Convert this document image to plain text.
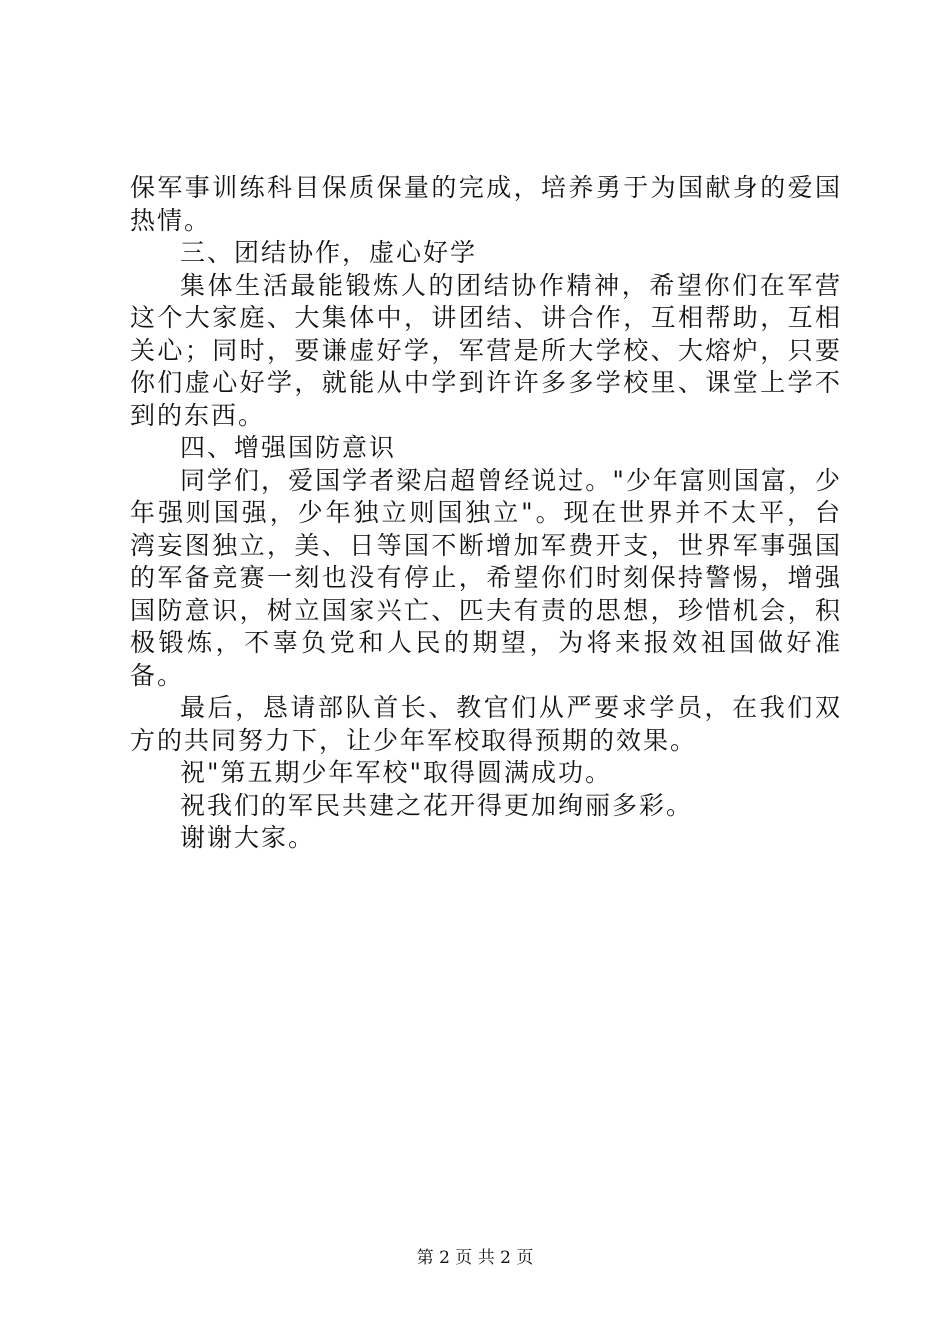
保军事训练科目保质保量的完成，培养勇于为国献身的爱国热情。

三、团结协作，虚心好学

集体生活最能锻炼人的团结协作精神，希望你们在军营这个大家庭、大集体中，讲团结、讲合作，互相帮助，互相关心；同时，要谦虚好学，军营是所大学校、大熔炉，只要你们虚心好学，就能从中学到许许多多学校里、课堂上学不到的东西。

四、增强国防意识

同学们，爱国学者梁启超曾经说过。"少年富则国富，少年强则国强，少年独立则国独立"。现在世界并不太平，台湾妄图独立，美、日等国不断增加军费开支，世界军事强国的军备竞赛一刻也没有停止，希望你们时刻保持警惕，增强国防意识，树立国家兴亡、匹夫有责的思想，珍惜机会，积极锻炼，不辜负党和人民的期望，为将来报效祖国做好准备。

最后，恳请部队首长、教官们从严要求学员，在我们双方的共同努力下，让少年军校取得预期的效果。

祝"第五期少年军校"取得圆满成功。

祝我们的军民共建之花开得更加绚丽多彩。

谢谢大家。

第 2 页 共 2 页
